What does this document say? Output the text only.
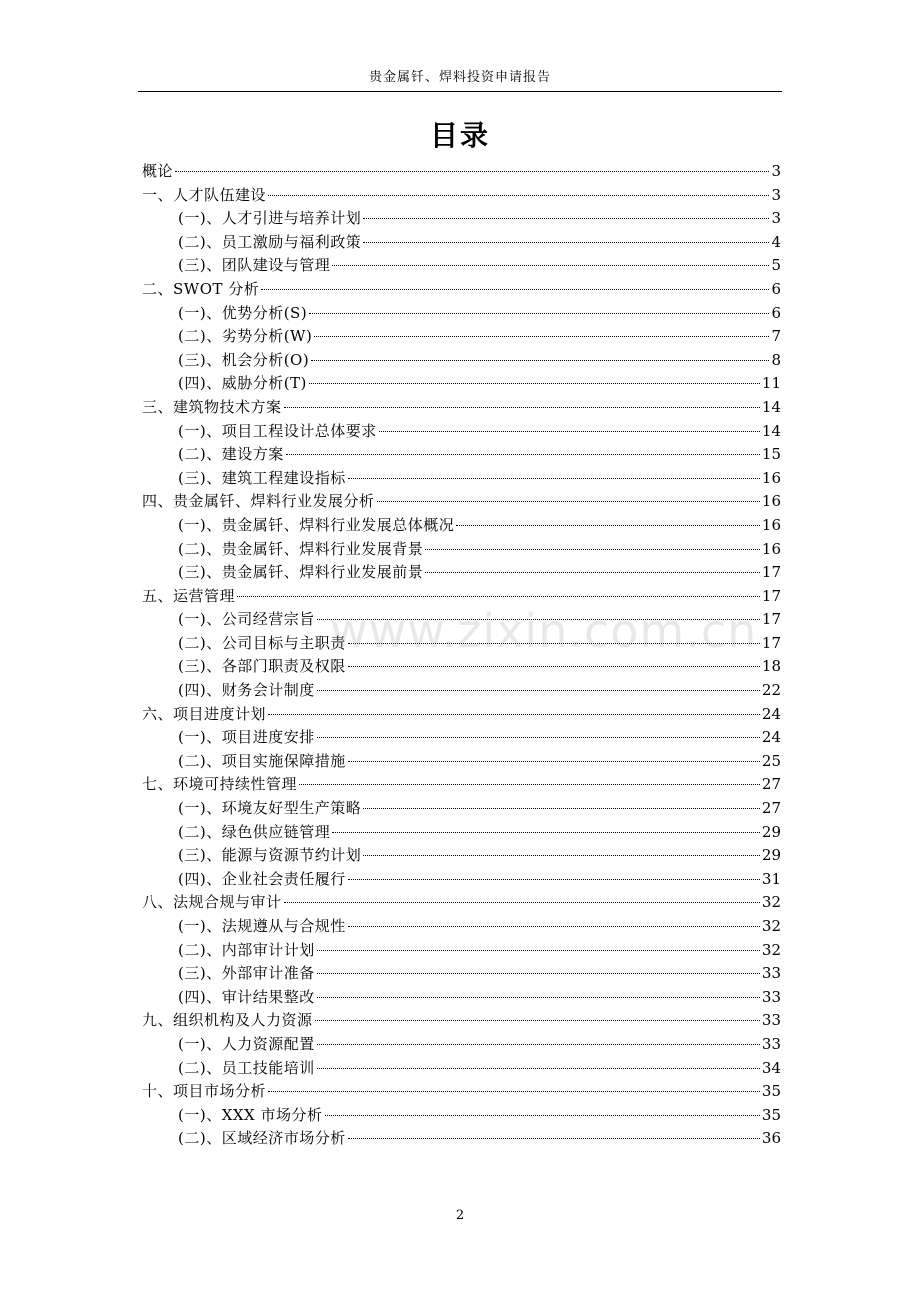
贵金属钎、焊料投资申请报告
目录
概论	3
一、人才队伍建设	3
(一)、人才引进与培养计划	3
(二)、员工激励与福利政策	4
(三)、团队建设与管理	5
二、SWOT 分析	6
(一)、优势分析(S)	6
(二)、劣势分析(W)	7
(三)、机会分析(O)	8
(四)、威胁分析(T)	11
三、建筑物技术方案	14
(一)、项目工程设计总体要求	14
(二)、建设方案	15
(三)、建筑工程建设指标	16
四、贵金属钎、焊料行业发展分析	16
(一)、贵金属钎、焊料行业发展总体概况	16
(二)、贵金属钎、焊料行业发展背景	16
(三)、贵金属钎、焊料行业发展前景	17
五、运营管理	17
(一)、公司经营宗旨	17
(二)、公司目标与主职责	17
(三)、各部门职责及权限	18
(四)、财务会计制度	22
六、项目进度计划	24
(一)、项目进度安排	24
(二)、项目实施保障措施	25
七、环境可持续性管理	27
(一)、环境友好型生产策略	27
(二)、绿色供应链管理	29
(三)、能源与资源节约计划	29
(四)、企业社会责任履行	31
八、法规合规与审计	32
(一)、法规遵从与合规性	32
(二)、内部审计计划	32
(三)、外部审计准备	33
(四)、审计结果整改	33
九、组织机构及人力资源	33
(一)、人力资源配置	33
(二)、员工技能培训	34
十、项目市场分析	35
(一)、XXX 市场分析	35
(二)、区域经济市场分析	36
www.zixin.com.cn
2
